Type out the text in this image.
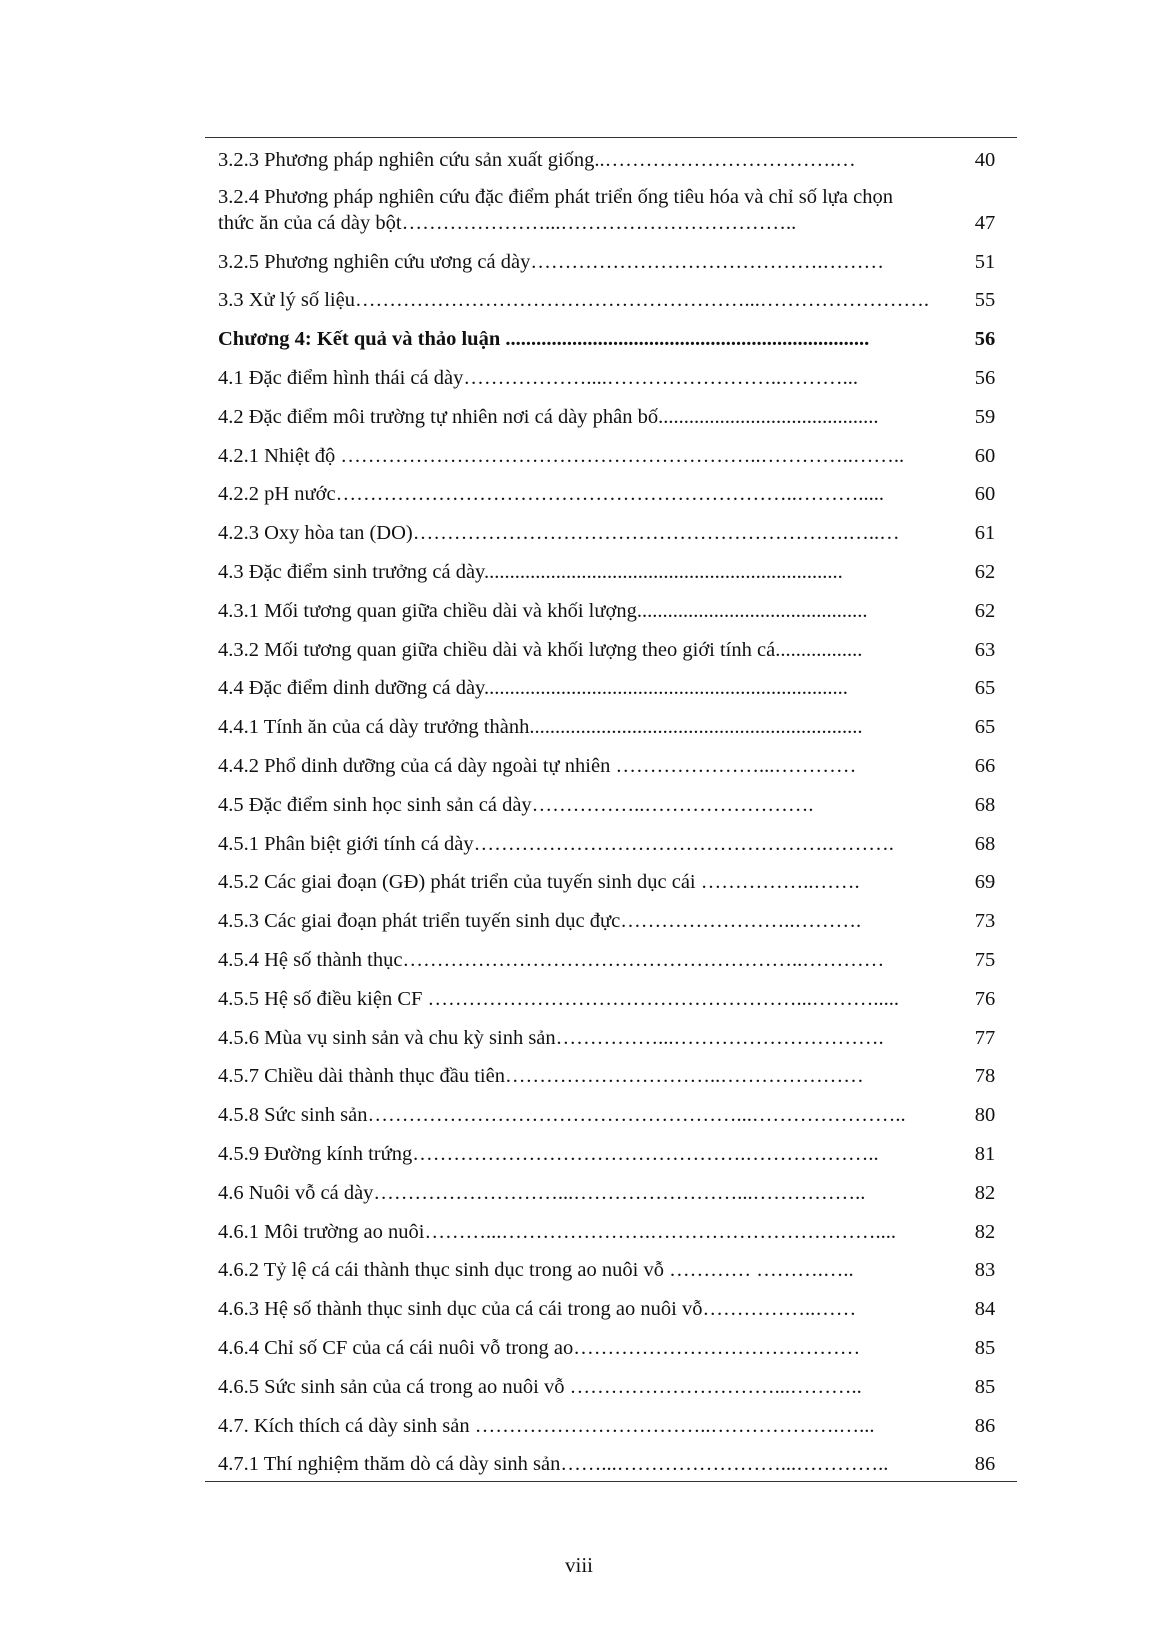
3.2.3 Phương pháp nghiên cứu sản xuất giống..…………………………….…	40
3.2.4 Phương pháp nghiên cứu đặc điểm phát triển ống tiêu hóa và chỉ số lựa chọn thức ăn của cá dày bột…………………...……………………………..	47
3.2.5 Phương nghiên cứu ương cá dày…………………………………….………	51
3.3 Xử lý số liệu…………………………………………………...…………………….	55
Chương 4: Kết quả và thảo luận .......................................................................	56
4.1 Đặc điểm hình thái cá dày………………....……………………..………...	56
4.2 Đặc điểm môi trường tự nhiên nơi cá dày phân bố...........................................	59
4.2.1 Nhiệt độ ……………………………………………………..…………..……..	60
4.2.2 pH nước…………………………………………………………..……….....	60
4.2.3 Oxy hòa tan (DO)……………………………………………………….…..…	61
4.3 Đặc điểm sinh trưởng cá dày......................................................................	62
4.3.1 Mối tương quan giữa chiều dài và khối lượng.............................................	62
4.3.2 Mối tương quan giữa chiều dài và khối lượng theo giới tính cá.................	63
4.4 Đặc điểm dinh dưỡng cá dày.......................................................................	65
4.4.1 Tính ăn của cá dày trưởng thành.................................................................	65
4.4.2 Phổ dinh dưỡng của cá dày ngoài tự nhiên …………………...…………	66
4.5 Đặc điểm sinh học sinh sản cá dày……………..…………………….	68
4.5.1 Phân biệt giới tính cá dày…………………………………………….……….	68
4.5.2 Các giai đoạn (GĐ) phát triển của tuyến sinh dục cái ……………..…….	69
4.5.3 Các giai đoạn phát triển tuyến sinh dục đực……………………..……….	73
4.5.4 Hệ số thành thục…………………………………………………..…………	75
4.5.5 Hệ số điều kiện CF ………………………………………………...……….....	76
4.5.6 Mùa vụ sinh sản và chu kỳ sinh sản……………...………………………….	77
4.5.7 Chiều dài thành thục đầu tiên…………………………..…………………	78
4.5.8 Sức sinh sản………………………………………………...…………………..	80
4.5.9 Đường kính trứng………………………………………….………………..	81
4.6 Nuôi vỗ cá dày………………………...……………………...……………..	82
4.6.1 Môi trường ao nuôi………...………………….……………………………....	82
4.6.2 Tỷ lệ cá cái thành thục sinh dục trong ao nuôi vỗ ………… ……….…..	83
4.6.3 Hệ số thành thục sinh dục của cá cái trong ao nuôi vỗ……………..……	84
4.6.4 Chỉ số CF của cá cái nuôi vỗ trong ao……………………………………	85
4.6.5 Sức sinh sản của cá trong ao nuôi vỗ …………………………...………..	85
4.7. Kích thích cá dày sinh sản ……………………………..……………….…...	86
4.7.1 Thí nghiệm thăm dò cá dày sinh sản……...……………………...…………..	86
viii
